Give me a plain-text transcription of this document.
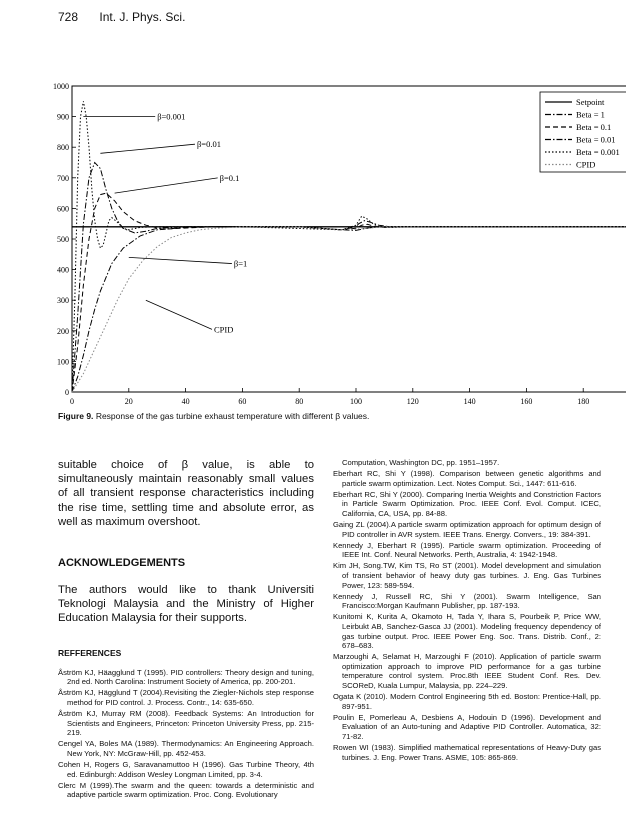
728 Int. J. Phys. Sci.
0	20	40	60	80	100	120	140	160	180
0
100
200
300
400
500
600
700
800
900
1000
Setpoint
Beta = 1
Beta = 0.1
Beta = 0.01
Beta = 0.001
CPID
β=0.001
β=0.01
β=0.1
β=1
CPID
Figure 9. Response of the gas turbine exhaust temperature with different β values.

suitable choice of β value, is able to simultaneously maintain reasonably small values of all transient response characteristics including the rise time, settling time and absolute error, as well as maximum overshoot.

ACKNOWLEDGEMENTS

The authors would like to thank Universiti Teknologi Malaysia and the Ministry of Higher Education Malaysia for their supports.

REFFERENCES
Åström KJ, Häagglund T (1995). PID controllers: Theory design and tuning, 2nd ed. North Carolina: Instrument Society of America, pp. 200-201.
Åström KJ, Hägglund T (2004).Revisiting the Ziegler-Nichols step response method for PID control. J. Process. Contr., 14: 635-650.
Åström KJ, Murray RM (2008). Feedback Systems: An Introduction for Scientists and Engineers, Princeton: Princeton University Press, pp. 215-219.
Cengel YA, Boles MA (1989). Thermodynamics: An Engineering Approach. New York, NY: McGraw-Hill, pp. 452-453.
Cohen H, Rogers G, Saravanamuttoo H (1996). Gas Turbine Theory, 4th ed. Edinburgh: Addison Wesley Longman Limited, pp. 3-4.
Clerc M (1999).The swarm and the queen: towards a deterministic and adaptive particle swarm optimization. Proc. Cong. Evolutionary
Computation, Washington DC, pp. 1951–1957.
Eberhart RC, Shi Y (1998). Comparison between genetic algorithms and particle swarm optimization. Lect. Notes Comput. Sci., 1447: 611-616.
Eberhart RC, Shi Y (2000). Comparing Inertia Weights and Constriction Factors in Particle Swarm Optimization. Proc. IEEE Conf. Evol. Comput. ICEC, California, CA, USA, pp. 84-88.
Gaing ZL (2004).A particle swarm optimization approach for optimum design of PID controller in AVR system. IEEE Trans. Energy. Convers., 19: 384-391.
Kennedy J, Eberhart R (1995). Particle swarm optimization. Proceeding of IEEE Int. Conf. Neural Networks. Perth, Australia, 4: 1942-1948.
Kim JH, Song.TW, Kim TS, Ro ST (2001). Model development and simulation of transient behavior of heavy duty gas turbines. J. Eng. Gas Turbines Power, 123: 589-594.
Kennedy J, Russell RC, Shi Y (2001). Swarm Intelligence, San Francisco:Morgan Kaufmann Publisher, pp. 187-193.
Kunitomi K, Kurita A, Okamoto H, Tada Y, Ihara S, Pourbeik P, Price WW, Leirbukt AB, Sanchez-Gasca JJ (2001). Modeling frequency dependency of gas turbine output. Proc. IEEE Power Eng. Soc. Trans. Distrib. Conf., 2: 678–683.
Marzoughi A, Selamat H, Marzoughi F (2010). Application of particle swarm optimization approach to improve PID performance for a gas turbine temperature control system. Proc.8th IEEE Student Conf. Res. Dev. SCOReD, Kuala Lumpur, Malaysia, pp. 224–229.
Ogata K (2010). Modern Control Engineering 5th ed. Boston: Prentice-Hall, pp. 897-951.
Poulin E, Pomerleau A, Desbiens A, Hodouin D (1996). Development and Evaluation of an Auto-tuning and Adaptive PID Controller. Automatica, 32: 71-82.
Rowen WI (1983). Simplified mathematical representations of Heavy-Duty gas turbines. J. Eng. Power Trans. ASME, 105: 865-869.
